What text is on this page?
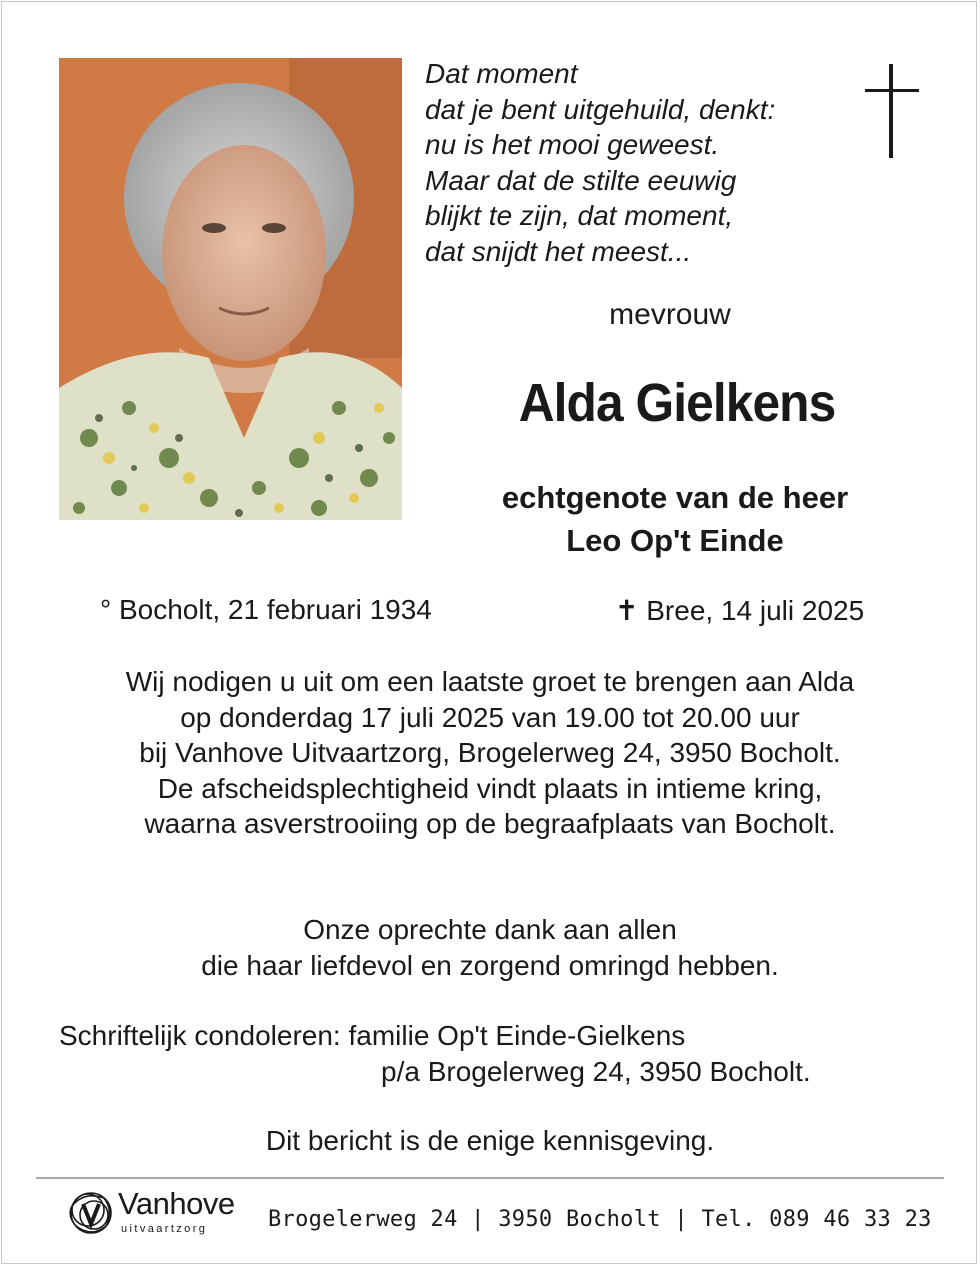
Dat moment
dat je bent uitgehuild, denkt:
nu is het mooi geweest.
Maar dat de stilte eeuwig
blijkt te zijn, dat moment,
dat snijdt het meest...
mevrouw
Alda Gielkens
echtgenote van de heer
Leo Op't Einde
° Bocholt, 21 februari 1934	✝ Bree, 14 juli 2025
Wij nodigen u uit om een laatste groet te brengen aan Alda
op donderdag 17 juli 2025 van 19.00 tot 20.00 uur
bij Vanhove Uitvaartzorg, Brogelerweg 24, 3950 Bocholt.
De afscheidsplechtigheid vindt plaats in intieme kring,
waarna asverstrooiing op de begraafplaats van Bocholt.
Onze oprechte dank aan allen
die haar liefdevol en zorgend omringd hebben.
Schriftelijk condoleren: familie Op't Einde-Gielkens
p/a Brogelerweg 24, 3950 Bocholt.
Dit bericht is de enige kennisgeving.
Vanhove
uitvaartzorg	Brogelerweg 24 | 3950 Bocholt | Tel. 089 46 33 23
